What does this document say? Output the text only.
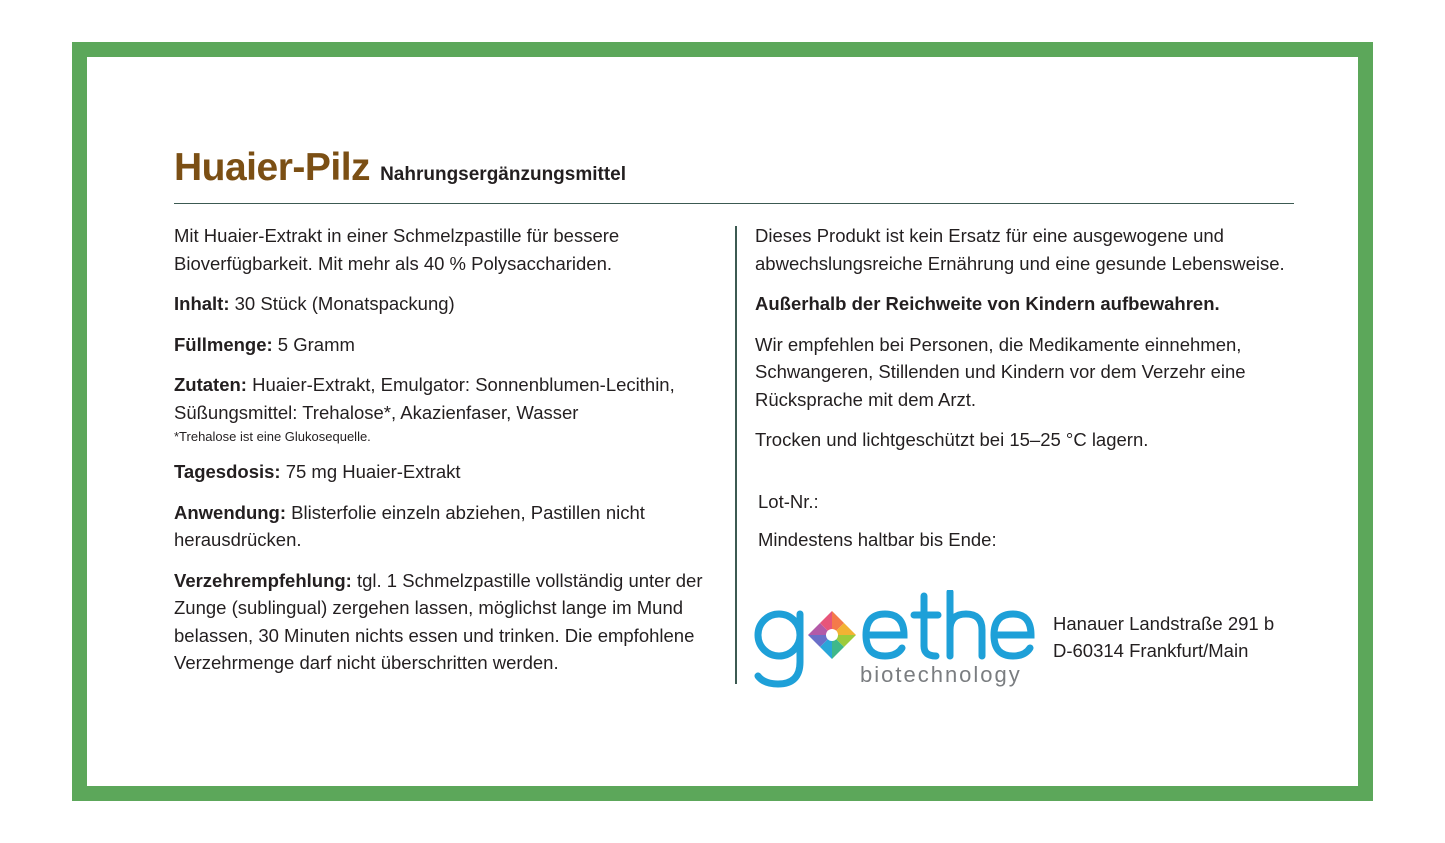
Huaier-Pilz Nahrungsergänzungsmittel

Mit Huaier-Extrakt in einer Schmelzpastille für bessere Bioverfügbarkeit. Mit mehr als 40 % Polysacchariden.

Inhalt: 30 Stück (Monatspackung)

Füllmenge: 5 Gramm

Zutaten: Huaier-Extrakt, Emulgator: Sonnenblumen-Lecithin, Süßungsmittel: Trehalose*, Akazienfaser, Wasser

*Trehalose ist eine Glukosequelle.

Tagesdosis: 75 mg Huaier-Extrakt

Anwendung: Blisterfolie einzeln abziehen, Pastillen nicht herausdrücken.

Verzehrempfehlung: tgl. 1 Schmelzpastille vollständig unter der Zunge (sublingual) zergehen lassen, möglichst lange im Mund belassen, 30 Minuten nichts essen und trinken. Die empfohlene Verzehrmenge darf nicht überschritten werden.

Dieses Produkt ist kein Ersatz für eine ausgewogene und abwechslungsreiche Ernährung und eine gesunde Lebensweise.

Außerhalb der Reichweite von Kindern aufbewahren.

Wir empfehlen bei Personen, die Medikamente einnehmen, Schwangeren, Stillenden und Kindern vor dem Verzehr eine Rücksprache mit dem Arzt.

Trocken und lichtgeschützt bei 15–25 °C lagern.

Lot-Nr.:
Mindestens haltbar bis Ende:
biotechnology
Hanauer Landstraße 291 b
D-60314 Frankfurt/Main
